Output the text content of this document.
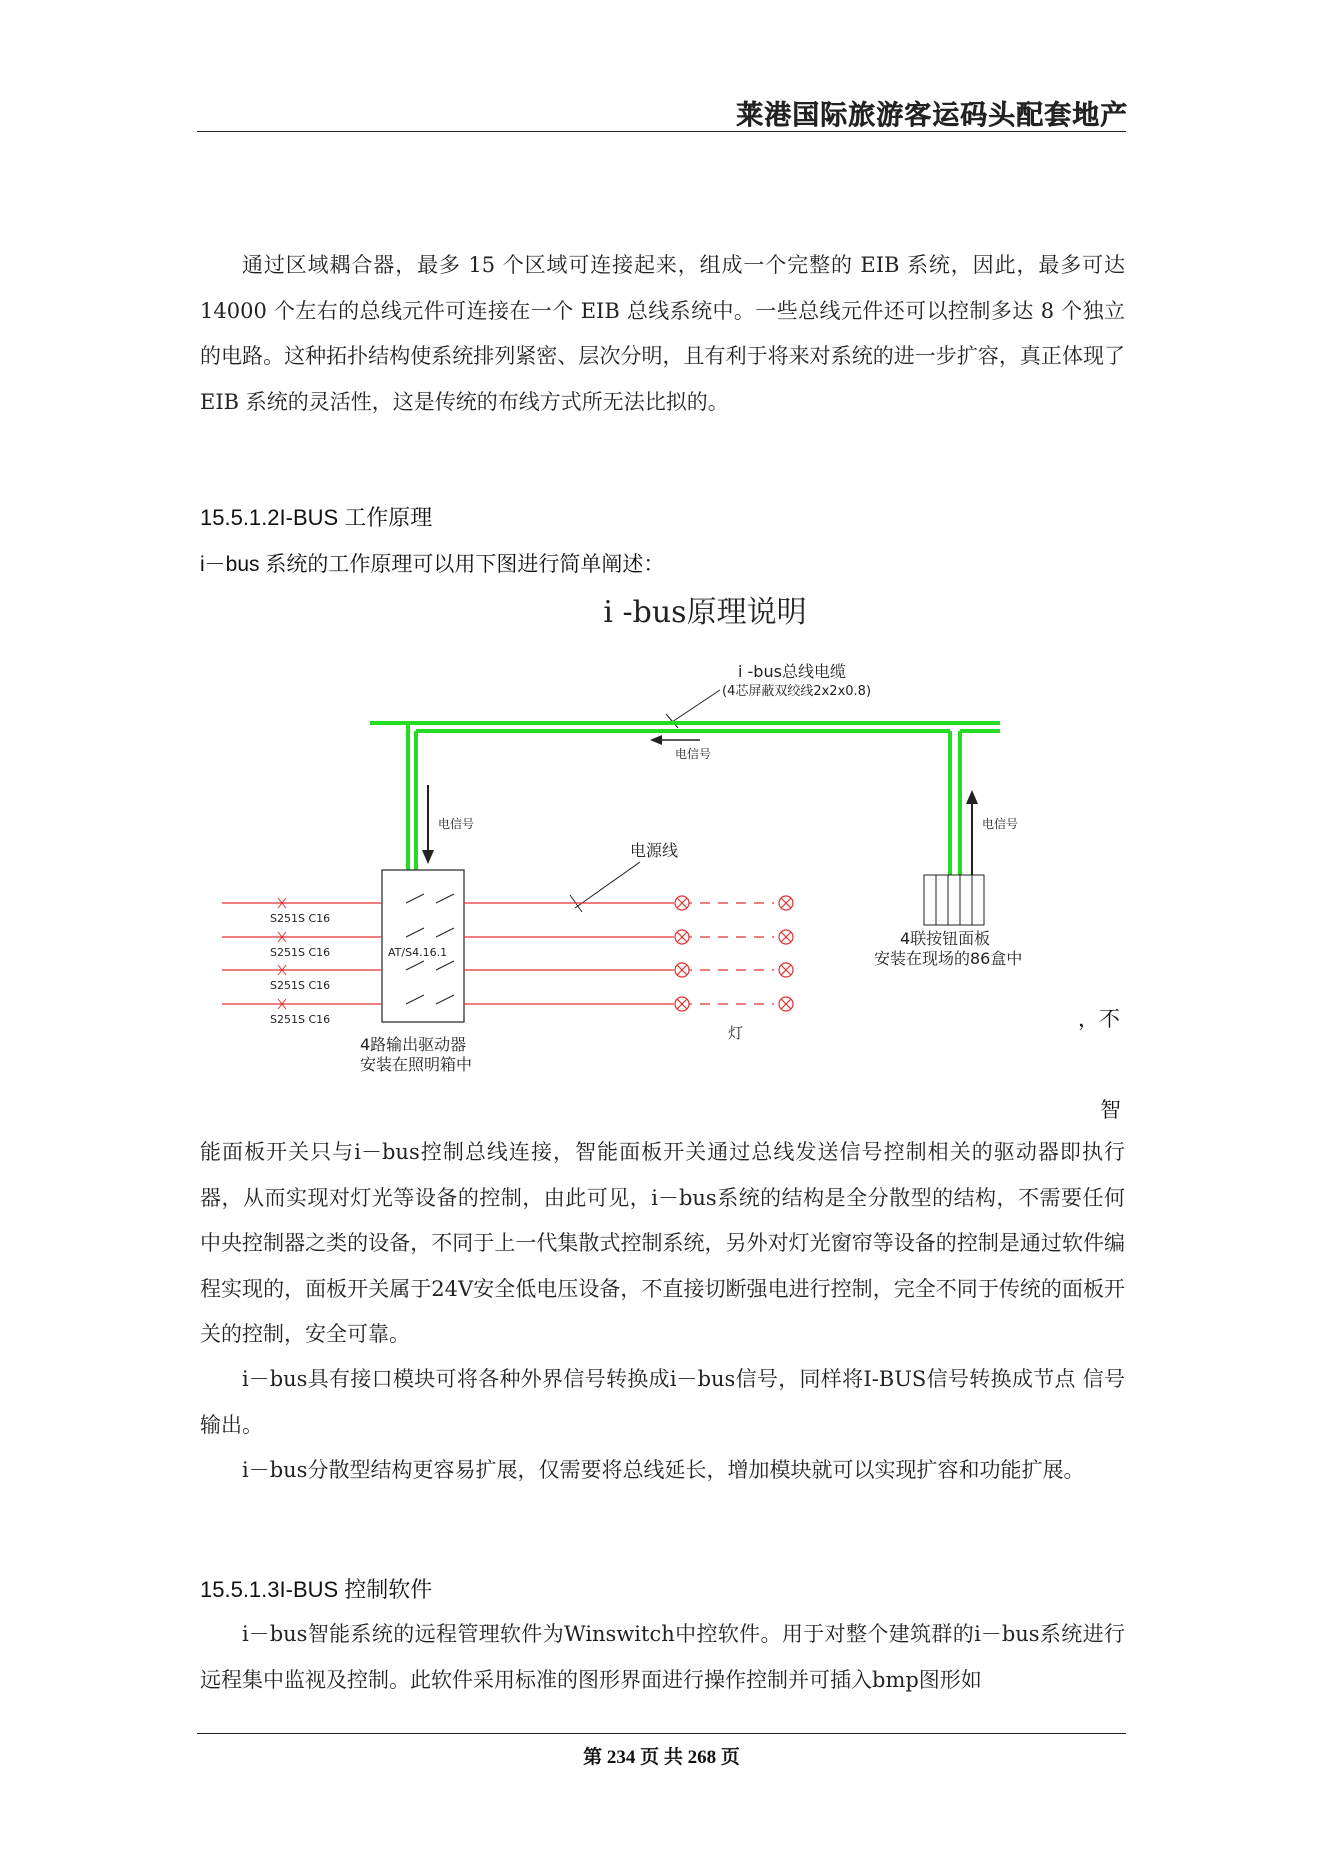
莱港国际旅游客运码头配套地产
通过区域耦合器，最多 15 个区域可连接起来，组成一个完整的 EIB 系统，因此，最多可达 14000 个左右的总线元件可连接在一个 EIB 总线系统中。一些总线元件还可以控制多达 8 个独立的电路。这种拓扑结构使系统排列紧密、层次分明，且有利于将来对系统的进一步扩容，真正体现了 EIB 系统的灵活性，这是传统的布线方式所无法比拟的。
15.5.1.2I-BUS 工作原理
i－bus 系统的工作原理可以用下图进行简单阐述：
i -bus原理说明
i -bus总线电缆
(4芯屏蔽双绞线2x2x0.8)
电信号
电信号	电信号
电源线
AT/S4.16.1
S251S C16
S251S C16
S251S C16
S251S C16
灯
4路输出驱动器
安装在照明箱中
4联按钮面板
安装在现场的86盒中
，不
智
能面板开关只与i－bus控制总线连接，智能面板开关通过总线发送信号控制相关的驱动器即执行器，从而实现对灯光等设备的控制，由此可见，i－bus系统的结构是全分散型的结构，不需要任何中央控制器之类的设备，不同于上一代集散式控制系统，另外对灯光窗帘等设备的控制是通过软件编程实现的，面板开关属于24V安全低电压设备，不直接切断强电进行控制，完全不同于传统的面板开关的控制，安全可靠。
i－bus具有接口模块可将各种外界信号转换成i－bus信号，同样将I-BUS信号转换成节点 信号输出。
i－bus分散型结构更容易扩展，仅需要将总线延长，增加模块就可以实现扩容和功能扩展。
15.5.1.3I-BUS 控制软件
i－bus智能系统的远程管理软件为Winswitch中控软件。用于对整个建筑群的i－bus系统进行远程集中监视及控制。此软件采用标准的图形界面进行操作控制并可插入bmp图形如
第 234 页 共 268 页
